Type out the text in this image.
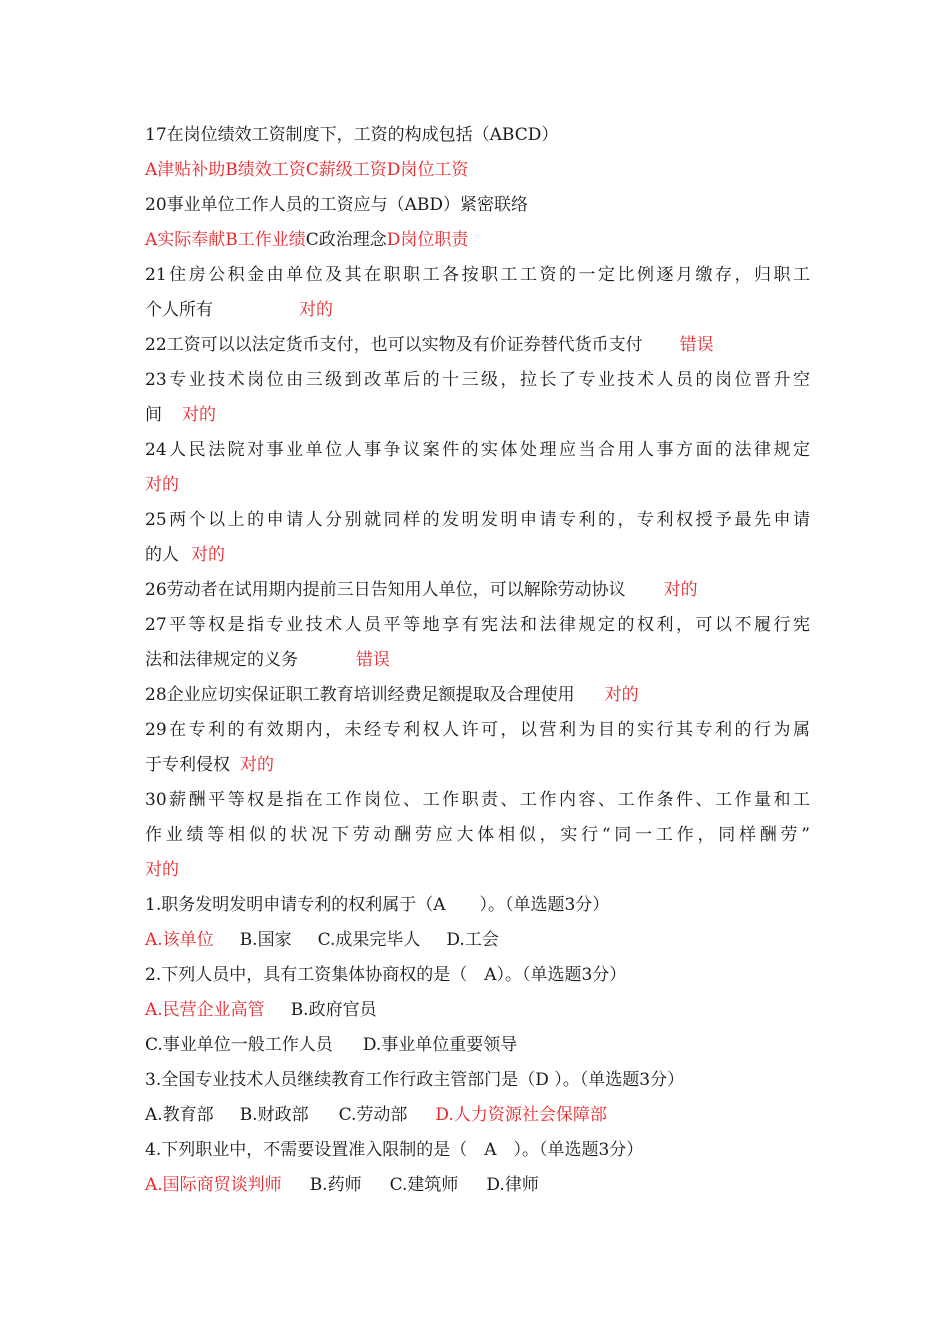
17在岗位绩效工资制度下，工资的构成包括（ABCD）
A津贴补助B绩效工资C薪级工资D岗位工资
20事业单位工作人员的工资应与（ABD）紧密联络
A实际奉献B工作业绩C政治理念D岗位职责
21住房公积金由单位及其在职职工各按职工工资的一定比例逐月缴存，归职工
个人所有	对的
22工资可以以法定货币支付，也可以实物及有价证券替代货币支付 错误
23专业技术岗位由三级到改革后的十三级，拉长了专业技术人员的岗位晋升空
间 对的
24人民法院对事业单位人事争议案件的实体处理应当合用人事方面的法律规定
对的
25两个以上的申请人分别就同样的发明发明申请专利的，专利权授予最先申请
的人 对的
26劳动者在试用期内提前三日告知用人单位，可以解除劳动协议 对的
27平等权是指专业技术人员平等地享有宪法和法律规定的权利，可以不履行宪
法和法律规定的义务	错误
28企业应切实保证职工教育培训经费足额提取及合理使用 对的
29在专利的有效期内，未经专利权人许可，以营利为目的实行其专利的行为属
于专利侵权 对的
30薪酬平等权是指在工作岗位、工作职责、工作内容、工作条件、工作量和工
作业绩等相似的状况下劳动酬劳应大体相似，实行“同一工作，同样酬劳”
对的
1.职务发明发明申请专利的权利属于（A　　）。（单选题3分）
A.该单位 B.国家 C.成果完毕人 D.工会
2.下列人员中，具有工资集体协商权的是（　A）。（单选题3分）
A.民营企业高管 B.政府官员
C.事业单位一般工作人员 D.事业单位重要领导
3.全国专业技术人员继续教育工作行政主管部门是（D ）。（单选题3分）
A.教育部 B.财政部 C.劳动部 D.人力资源社会保障部
4.下列职业中，不需要设置准入限制的是（　A　）。（单选题3分）
A.国际商贸谈判师 B.药师 C.建筑师 D.律师
